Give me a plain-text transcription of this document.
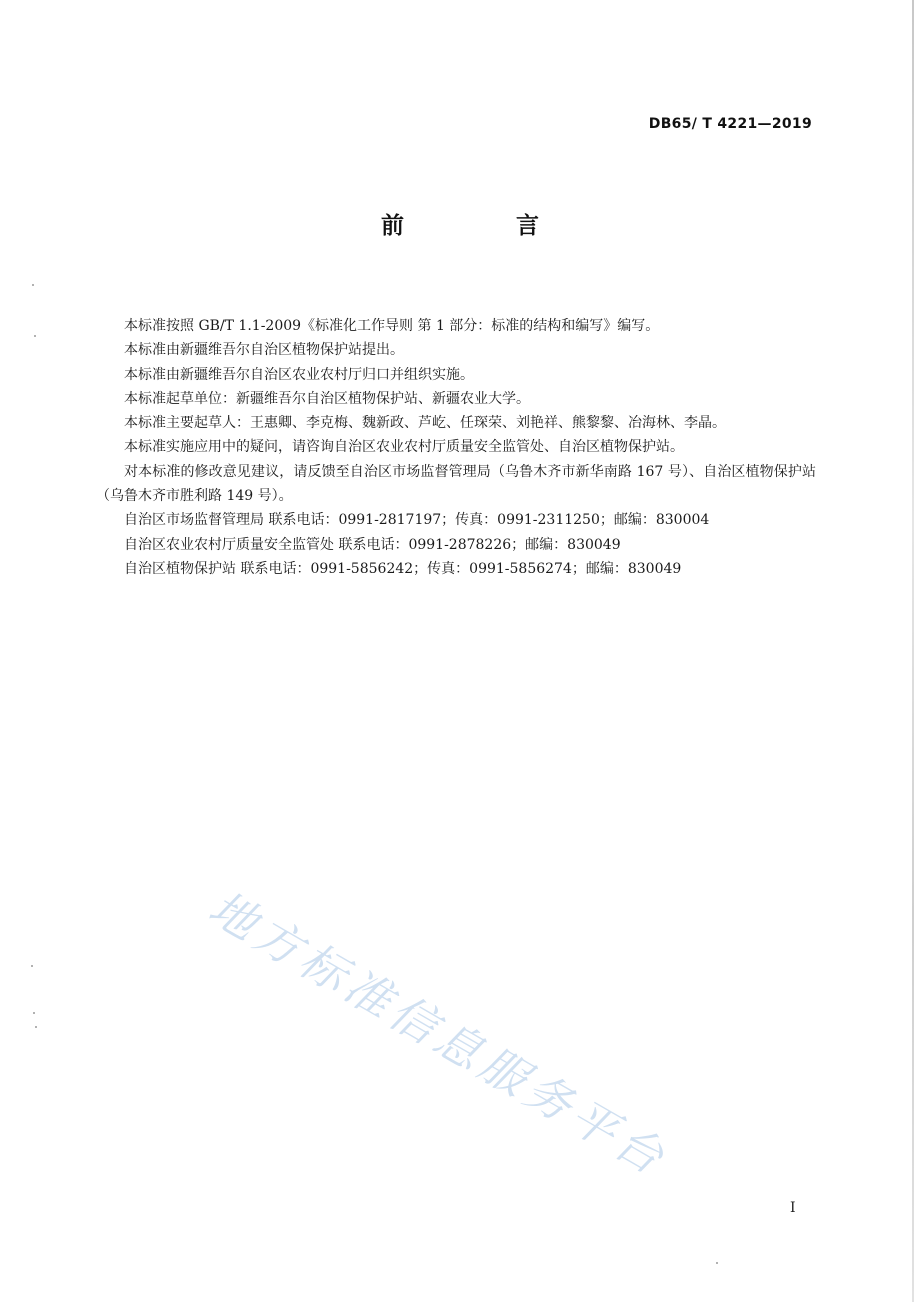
DB65/ T 4221—2019
前 言

本标准按照 GB/T 1.1-2009《标准化工作导则 第 1 部分：标准的结构和编写》编写。

本标准由新疆维吾尔自治区植物保护站提出。

本标准由新疆维吾尔自治区农业农村厅归口并组织实施。

本标准起草单位：新疆维吾尔自治区植物保护站、新疆农业大学。

本标准主要起草人：王惠卿、李克梅、魏新政、芦屹、任琛荣、刘艳祥、熊黎黎、冶海林、李晶。

本标准实施应用中的疑问，请咨询自治区农业农村厅质量安全监管处、自治区植物保护站。

对本标准的修改意见建议，请反馈至自治区市场监督管理局（乌鲁木齐市新华南路 167 号）、自治区植物保护站（乌鲁木齐市胜利路 149 号）。

自治区市场监督管理局 联系电话：0991-2817197；传真：0991-2311250；邮编：830004

自治区农业农村厅质量安全监管处 联系电话：0991-2878226；邮编：830049

自治区植物保护站 联系电话：0991-5856242；传真：0991-5856274；邮编：830049

地方标准信息服务平台
I
